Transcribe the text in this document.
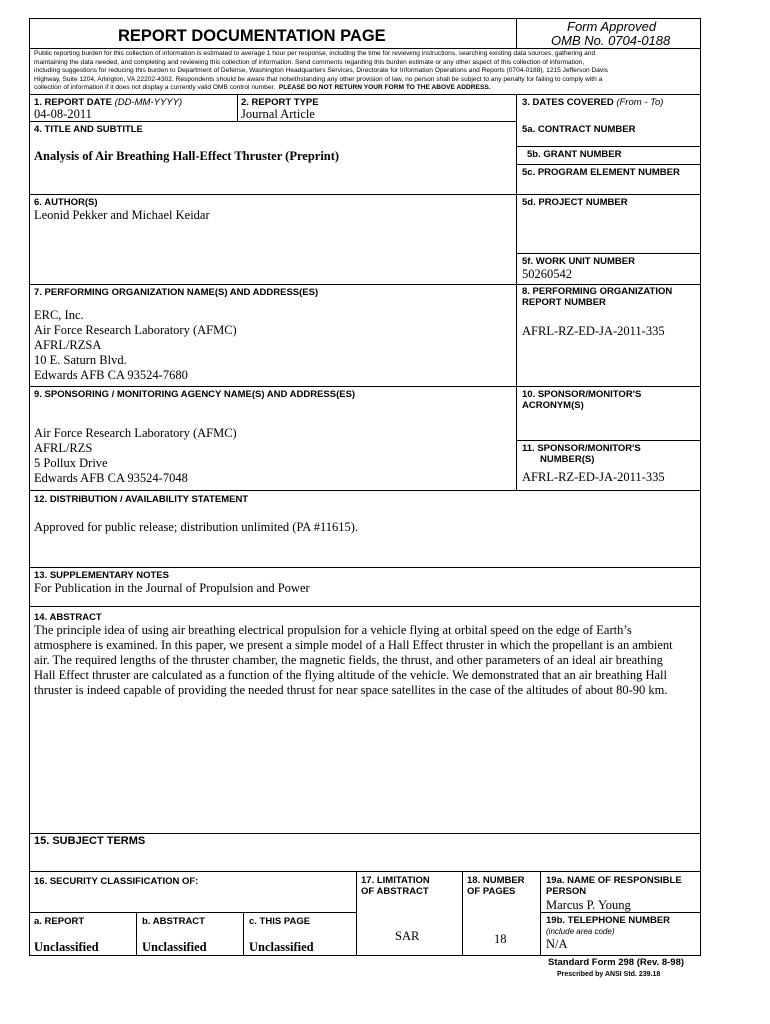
REPORT DOCUMENTATION PAGE
Form Approved
OMB No. 0704-0188
Public reporting burden for this collection of information is estimated to average 1 hour per response, including the time for reviewing instructions, searching existing data sources, gathering and
maintaining the data needed, and completing and reviewing this collection of information. Send comments regarding this burden estimate or any other aspect of this collection of information,
including suggestions for reducing this burden to Department of Defense, Washington Headquarters Services, Directorate for Information Operations and Reports (0704-0188), 1215 Jefferson Davis
Highway, Suite 1204, Arlington, VA 22202-4302. Respondents should be aware that notwithstanding any other provision of law, no person shall be subject to any penalty for failing to comply with a
collection of information if it does not display a currently valid OMB control number. PLEASE DO NOT RETURN YOUR FORM TO THE ABOVE ADDRESS.
1. REPORT DATE (DD-MM-YYYY)
04-08-2011
2. REPORT TYPE
Journal Article
3. DATES COVERED (From - To)
4. TITLE AND SUBTITLE
Analysis of Air Breathing Hall-Effect Thruster (Preprint)
5a. CONTRACT NUMBER
5b. GRANT NUMBER
5c. PROGRAM ELEMENT NUMBER
6. AUTHOR(S)
Leonid Pekker and Michael Keidar
5d. PROJECT NUMBER
5f. WORK UNIT NUMBER
50260542
7. PERFORMING ORGANIZATION NAME(S) AND ADDRESS(ES)
ERC, Inc.
Air Force Research Laboratory (AFMC)
AFRL/RZSA
10 E. Saturn Blvd.
Edwards AFB CA 93524-7680
8. PERFORMING ORGANIZATION
REPORT NUMBER
AFRL-RZ-ED-JA-2011-335
9. SPONSORING / MONITORING AGENCY NAME(S) AND ADDRESS(ES)
Air Force Research Laboratory (AFMC)
AFRL/RZS
5 Pollux Drive
Edwards AFB CA 93524-7048
10. SPONSOR/MONITOR'S
ACRONYM(S)
11. SPONSOR/MONITOR'S
NUMBER(S)
AFRL-RZ-ED-JA-2011-335
12. DISTRIBUTION / AVAILABILITY STATEMENT
Approved for public release; distribution unlimited (PA #11615).
13. SUPPLEMENTARY NOTES
For Publication in the Journal of Propulsion and Power
14. ABSTRACT
The principle idea of using air breathing electrical propulsion for a vehicle flying at orbital speed on the edge of Earth’s
atmosphere is examined. In this paper, we present a simple model of a Hall Effect thruster in which the propellant is an ambient
air. The required lengths of the thruster chamber, the magnetic fields, the thrust, and other parameters of an ideal air breathing
Hall Effect thruster are calculated as a function of the flying altitude of the vehicle. We demonstrated that an air breathing Hall
thruster is indeed capable of providing the needed thrust for near space satellites in the case of the altitudes of about 80-90 km.
15. SUBJECT TERMS
16. SECURITY CLASSIFICATION OF:	17. LIMITATION
OF ABSTRACT
SAR
18. NUMBER
OF PAGES
18
19a. NAME OF RESPONSIBLE
PERSON
Marcus P. Young
a. REPORT
Unclassified
b. ABSTRACT
Unclassified
c. THIS PAGE
Unclassified
19b. TELEPHONE NUMBER
(include area code)
N/A
Standard Form 298 (Rev. 8-98)
Prescribed by ANSI Std. 239.18
